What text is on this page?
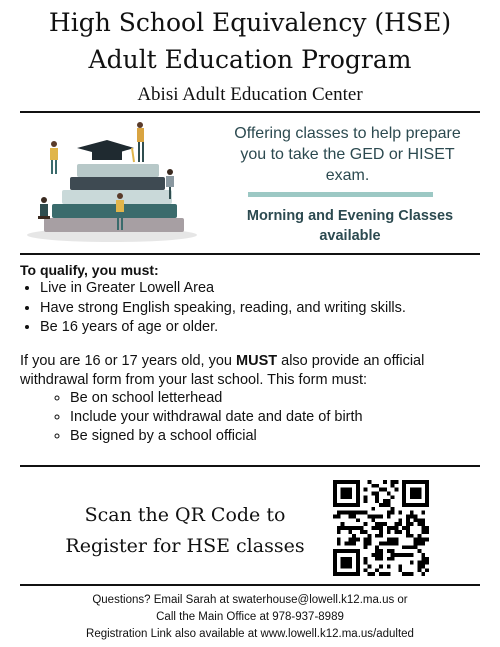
High School Equivalency (HSE)
Adult Education Program
Abisi Adult Education Center
Offering classes to help prepare
you to take the GED or HISET
exam.
Morning and Evening Classes
available
To qualify, you must:
• Live in Greater Lowell Area
• Have strong English speaking, reading, and writing skills.
• Be 16 years of age or older.
If you are 16 or 17 years old, you MUST also provide an official withdrawal form from your last school. This form must:
◦ Be on school letterhead
◦ Include your withdrawal date and date of birth
◦ Be signed by a school official
Scan the QR Code to
Register for HSE classes
Questions? Email Sarah at swaterhouse@lowell.k12.ma.us or
Call the Main Office at 978-937-8989
Registration Link also available at www.lowell.k12.ma.us/adulted
